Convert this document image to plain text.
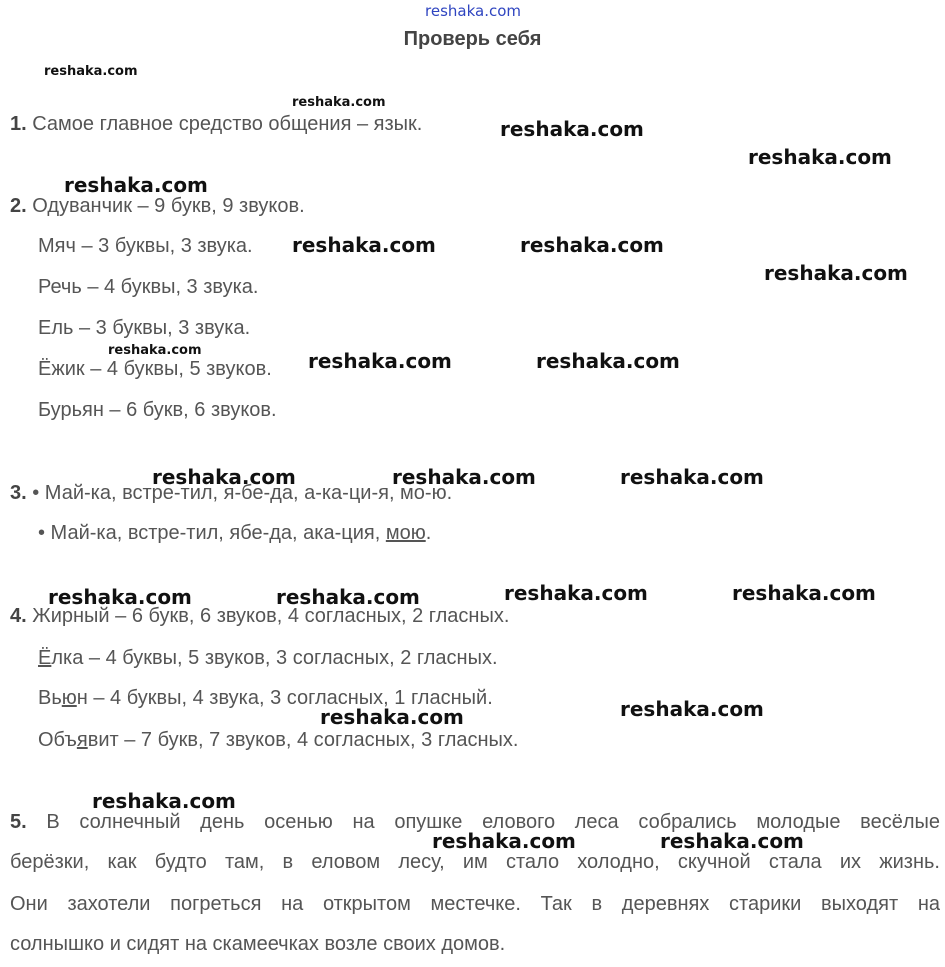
Проверь себя
1. Самое главное средство общения – язык.
2. Одуванчик – 9 букв, 9 звуков.
Мяч – 3 буквы, 3 звука.
Речь – 4 буквы, 3 звука.
Ель – 3 буквы, 3 звука.
Ёжик – 4 буквы, 5 звуков.
Бурьян – 6 букв, 6 звуков.
3. • Май-ка, встре-тил, я-бе-да, а-ка-ци-я, мо-ю.
• Май-ка, встре-тил, ябе-да, ака-ция, мою.
4. Жирный – 6 букв, 6 звуков, 4 согласных, 2 гласных.
Ёлка – 4 буквы, 5 звуков, 3 согласных, 2 гласных.
Вьюн – 4 буквы, 4 звука, 3 согласных, 1 гласный.
Объявит – 7 букв, 7 звуков, 4 согласных, 3 гласных.
5. В солнечный день осенью на опушке елового леса собрались молодые весёлые
берёзки, как будто там, в еловом лесу, им стало холодно, скучной стала их жизнь.
Они захотели погреться на открытом местечке. Так в деревнях старики выходят на
солнышко и сидят на скамеечках возле своих домов.
reshaka.com
reshaka.com
reshaka.com
reshaka.com
reshaka.com
reshaka.com
reshaka.com	reshaka.com
reshaka.com
reshaka.com	reshaka.com	reshaka.com
reshaka.com	reshaka.com	reshaka.com
reshaka.com	reshaka.com	reshaka.com	reshaka.com
reshaka.com	reshaka.com
reshaka.com
reshaka.com	reshaka.com
